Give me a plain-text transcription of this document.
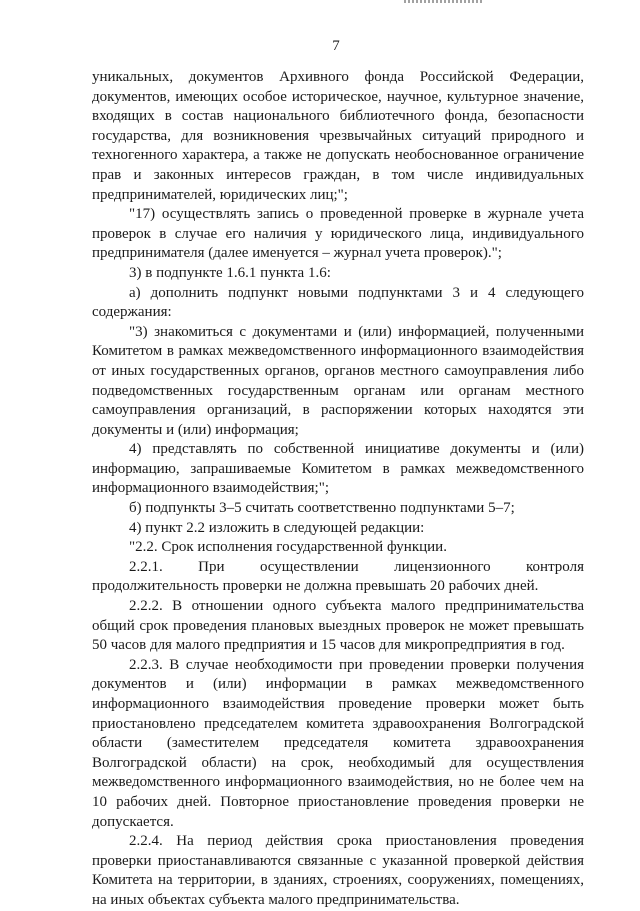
7

уникальных, документов Архивного фонда Российской Федерации, документов, имеющих особое историческое, научное, культурное значение, входящих в состав национального библиотечного фонда, безопасности государства, для возникновения чрезвычайных ситуаций природного и техногенного характера, а также не допускать необоснованное ограничение прав и законных интересов граждан, в том числе индивидуальных предпринимателей, юридических лиц;";

"17) осуществлять запись о проведенной проверке в журнале учета проверок в случае его наличия у юридического лица, индивидуального предпринимателя (далее именуется – журнал учета проверок).";

3) в подпункте 1.6.1 пункта 1.6:

а) дополнить подпункт новыми подпунктами 3 и 4 следующего содержания:

"3) знакомиться с документами и (или) информацией, полученными Комитетом в рамках межведомственного информационного взаимодействия от иных государственных органов, органов местного самоуправления либо подведомственных государственным органам или органам местного самоуправления организаций, в распоряжении которых находятся эти документы и (или) информация;

4) представлять по собственной инициативе документы и (или) информацию, запрашиваемые Комитетом в рамках межведомственного информационного взаимодействия;";

б) подпункты 3–5 считать соответственно подпунктами 5–7;

4) пункт 2.2 изложить в следующей редакции:

"2.2. Срок исполнения государственной функции.

2.2.1. При осуществлении лицензионного контроля продолжительность проверки не должна превышать 20 рабочих дней.

2.2.2. В отношении одного субъекта малого предпринимательства общий срок проведения плановых выездных проверок не может превышать 50 часов для малого предприятия и 15 часов для микропредприятия в год.

2.2.3. В случае необходимости при проведении проверки получения документов и (или) информации в рамках межведомственного информационного взаимодействия проведение проверки может быть приостановлено председателем комитета здравоохранения Волгоградской области (заместителем председателя комитета здравоохранения Волгоградской области) на срок, необходимый для осуществления межведомственного информационного взаимодействия, но не более чем на 10 рабочих дней. Повторное приостановление проведения проверки не допускается.

2.2.4. На период действия срока приостановления проведения проверки приостанавливаются связанные с указанной проверкой действия Комитета на территории, в зданиях, строениях, сооружениях, помещениях, на иных объектах субъекта малого предпринимательства.
